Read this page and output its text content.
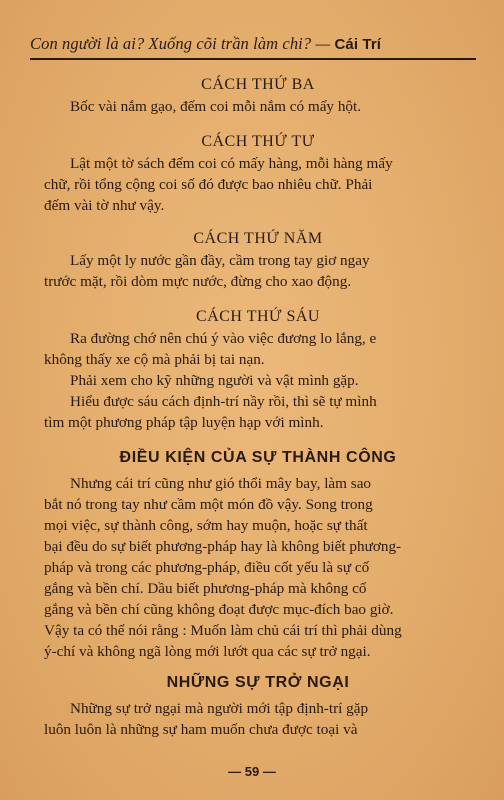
Con người là ai? Xuống cõi trần làm chi? — Cái Trí

CÁCH THỨ BA

Bốc vài nắm gạo, đếm coi mỗi nắm có mấy hột.

CÁCH THỨ TƯ

Lật một tờ sách đếm coi có mấy hàng, mỗi hàng mấy
chữ, rồi tổng cộng coi số đó được bao nhiêu chữ. Phải
đếm vài tờ như vậy.

CÁCH THỨ NĂM

Lấy một ly nước gần đầy, cầm trong tay giơ ngay
trước mặt, rồi dòm mực nước, đừng cho xao động.

CÁCH THỨ SÁU

Ra đường chớ nên chú ý vào việc đương lo lắng, e
không thấy xe cộ mà phải bị tai nạn.
Phải xem cho kỹ những người và vật mình gặp.
Hiểu được sáu cách định-trí nầy rồi, thì sẽ tự mình
tìm một phương pháp tập luyện hạp với mình.

ĐIỀU KIỆN CỦA SỰ THÀNH CÔNG

Nhưng cái trí cũng như gió thổi mây bay, làm sao
bắt nó trong tay như cầm một món đồ vậy. Song trong
mọi việc, sự thành công, sớm hay muộn, hoặc sự thất
bại đều do sự biết phương-pháp hay là không biết phương-
pháp và trong các phương-pháp, điều cốt yếu là sự cố
gắng và bền chí. Dầu biết phương-pháp mà không cố
gắng và bền chí cũng không đoạt được mục-đích bao giờ.
Vậy ta có thể nói rằng : Muốn làm chủ cái trí thì phải dùng
ý-chí và không ngã lòng mới lướt qua các sự trở ngại.

NHỮNG SỰ TRỞ NGẠI

Những sự trở ngại mà người mới tập định-trí gặp
luôn luôn là những sự ham muốn chưa được toại và

— 59 —
